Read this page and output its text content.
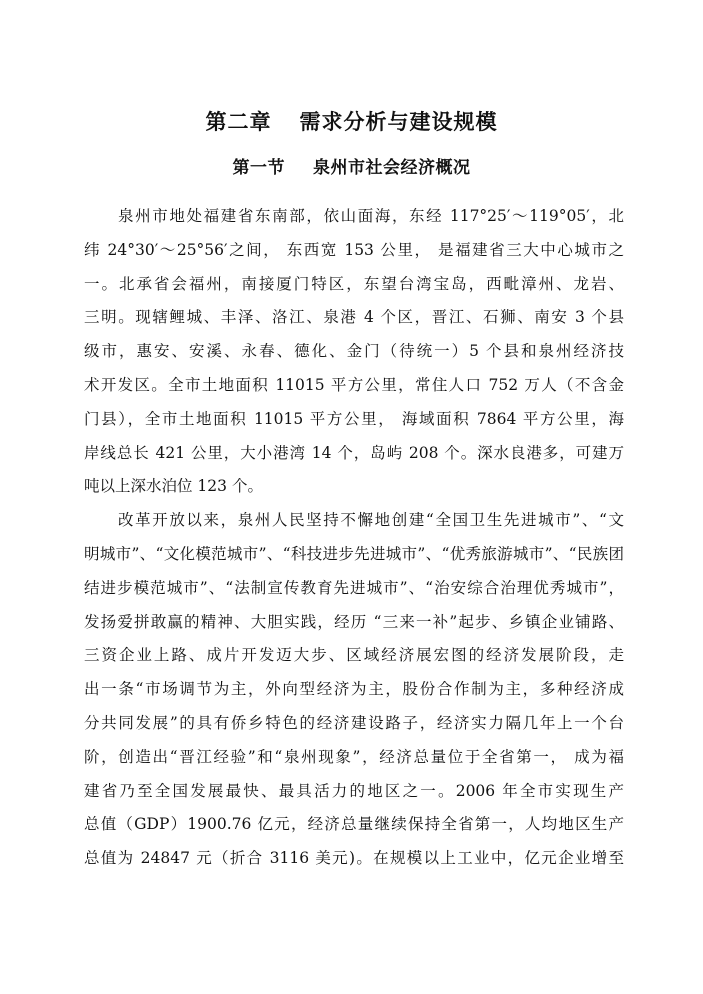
第二章 需求分析与建设规模
第一节 泉州市社会经济概况
泉州市地处福建省东南部，依山面海，东经 117°25′～119°05′，北
纬 24°30′～25°56′之间， 东西宽 153 公里， 是福建省三大中心城市之
一。北承省会福州，南接厦门特区，东望台湾宝岛，西毗漳州、龙岩、
三明。现辖鲤城、丰泽、洛江、泉港 4 个区，晋江、石狮、南安 3 个县
级市，惠安、安溪、永春、德化、金门（待统一）5 个县和泉州经济技
术开发区。全市土地面积 11015 平方公里，常住人口 752 万人（不含金
门县），全市土地面积 11015 平方公里， 海域面积 7864 平方公里，海
岸线总长 421 公里，大小港湾 14 个，岛屿 208 个。深水良港多，可建万
吨以上深水泊位 123 个。
改革开放以来，泉州人民坚持不懈地创建“全国卫生先进城市”、“文
明城市”、“文化模范城市”、“科技进步先进城市”、“优秀旅游城市”、“民族团
结进步模范城市”、“法制宣传教育先进城市”、“治安综合治理优秀城市”，
发扬爱拼敢赢的精神、大胆实践，经历 “三来一补”起步、乡镇企业铺路、
三资企业上路、成片开发迈大步、区域经济展宏图的经济发展阶段，走
出一条“市场调节为主，外向型经济为主，股份合作制为主，多种经济成
分共同发展”的具有侨乡特色的经济建设路子，经济实力隔几年上一个台
阶，创造出“晋江经验”和“泉州现象”，经济总量位于全省第一， 成为福
建省乃至全国发展最快、最具活力的地区之一。2006 年全市实现生产
总值（GDP）1900.76 亿元，经济总量继续保持全省第一，人均地区生产
总值为 24847 元（折合 3116 美元)。在规模以上工业中，亿元企业增至
